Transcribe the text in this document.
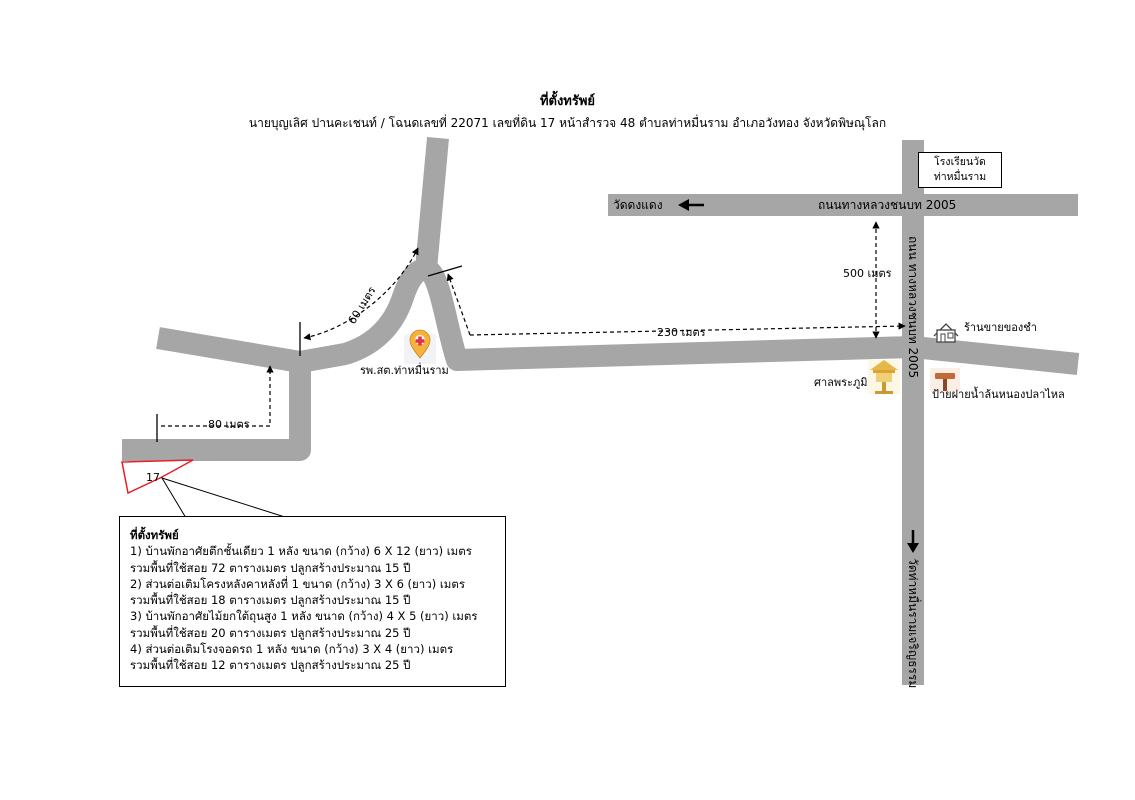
ที่ตั้งทรัพย์
นายบุญเลิศ ปานคะเชนท์ / โฉนดเลขที่ 22071 เลขที่ดิน 17 หน้าสำรวจ 48 ตำบลท่าหมื่นราม อำเภอวังทอง จังหวัดพิษณุโลก
ถนนทางหลวงชนบท 2005
วัดดงแดง
ถนน ทางหลวงชนบท 2005
วัดท่าหมื่นรามเจริญธรรม
500 เมตร
230 เมตร
60 เมตร
80 เมตร
รพ.สต.ท่าหมื่นราม
ร้านขายของชำ
ศาลพระภูมิ
ป้ายฝายน้ำล้นหนองปลาไหล
17
โรงเรียนวัด
ท่าหมื่นราม
ที่ตั้งทรัพย์
1) บ้านพักอาศัยตึกชั้นเดียว 1 หลัง ขนาด (กว้าง) 6 X 12 (ยาว) เมตร
รวมพื้นที่ใช้สอย 72 ตารางเมตร ปลูกสร้างประมาณ 15 ปี
2) ส่วนต่อเติมโครงหลังคาหลังที่ 1 ขนาด (กว้าง) 3 X 6 (ยาว) เมตร
รวมพื้นที่ใช้สอย 18 ตารางเมตร ปลูกสร้างประมาณ 15 ปี
3) บ้านพักอาศัยไม้ยกใต้ถุนสูง 1 หลัง ขนาด (กว้าง) 4 X 5 (ยาว) เมตร
รวมพื้นที่ใช้สอย 20 ตารางเมตร ปลูกสร้างประมาณ 25 ปี
4) ส่วนต่อเติมโรงจอดรถ 1 หลัง ขนาด (กว้าง) 3 X 4 (ยาว) เมตร
รวมพื้นที่ใช้สอย 12 ตารางเมตร ปลูกสร้างประมาณ 25 ปี
